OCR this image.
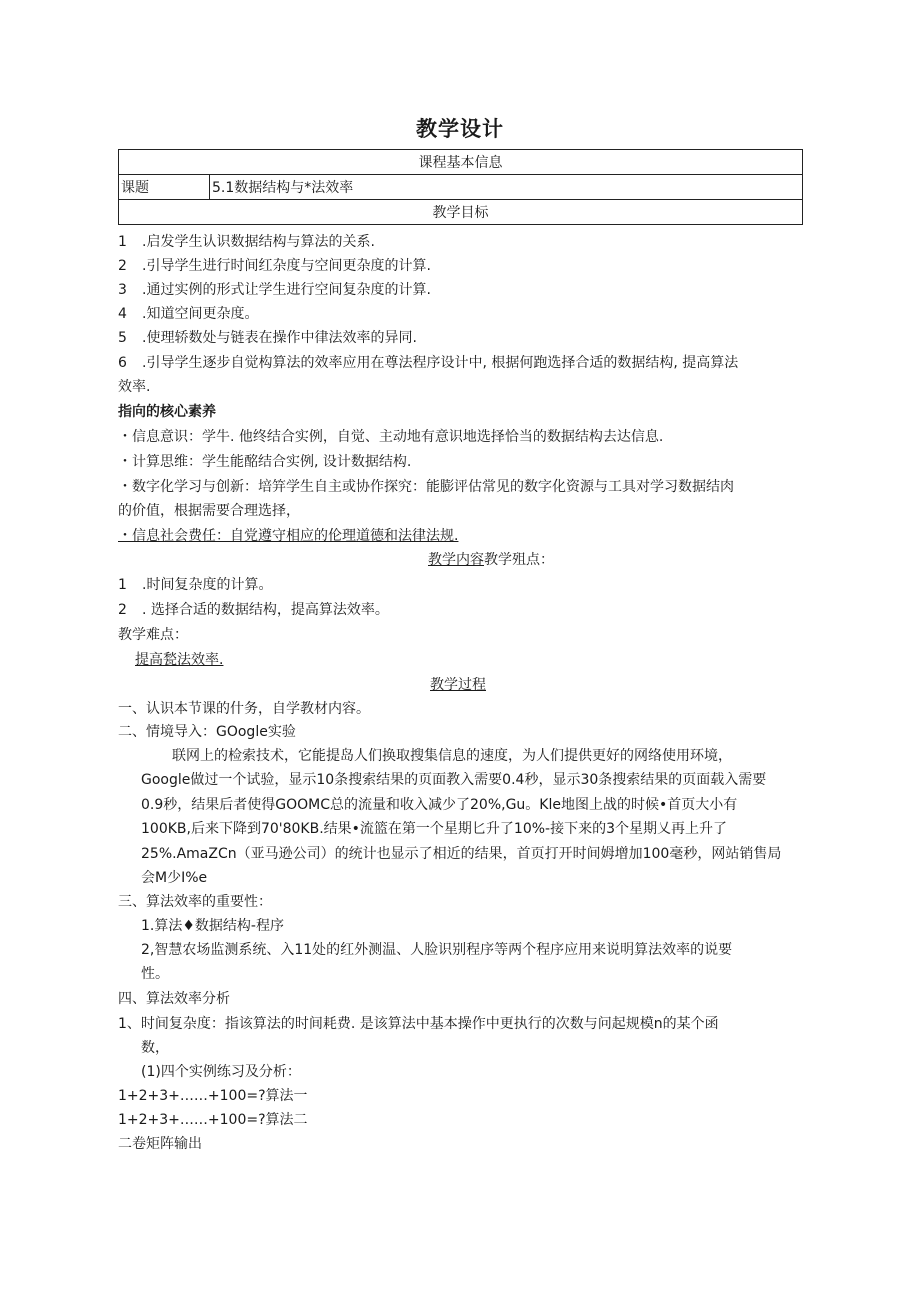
教学设计
课程基本信息
课题	5.1数据结构与*法效率
教学目标
1 .启发学生认识数据结构与算法的关系.
2 .引导学生进行时间红杂度与空间更杂度的计算.
3 .通过实例的形式让学生进行空间复杂度的计算.
4 .知道空间更杂度。
5 .使理轿数处与链表在操作中律法效率的异同.
6 .引导学生逐步自觉构算法的效率应用在尊法程序设计中, 根据何跑选择合适的数据结构, 提高算法
效率.
指向的核心素养
・信息意识：学牛. 他终结合实例，自觉、主动地有意识地选择恰当的数据结构去达信息.
・计算思维：学生能酩结合实例, 设计数据结构.
・数字化学习与创新：培笄学生自主或协作探究：能膨评估常见的数字化资源与工具对学习数据结肉
的价值，根据需要合理选择，
・信息社会费任：自党遵守相应的伦理道德和法律法规.
教学内容教学殂点：
1 .时间复杂度的计算。
2 . 选择合适的数据结构，提高算法效率。
教学难点：
提高甃法效率.
教学过程
一、认识本节课的什务，自学教材内容。
二、情境导入：GOogle实验
联网上的检索技术，它能提岛人们换取搜集信息的速度，为人们提供更好的网络使用环境，
Google做过一个试验，显示10条搜索结果的页面教入需要0.4秒，显示30条搜索结果的页面载入需要
0.9秒，结果后者使得GOOMC总的流量和收入减少了20%,Gu。Kle地图上战的时候•首页大小有
100KB,后来下降到70'80KB.结果•流篮在第一个星期匕升了10%-接下来的3个星期乂再上升了
25%.AmaZCn（亚马逊公司）的统计也显示了相近的结果，首页打开时间姆增加100毫秒，网站销售局
会M少I%e
三、算法效率的重要性：
1.算法♦数据结构-程序
2,智慧农场监测系统、入11处的红外测温、人脸识别程序等两个程序应用来说明算法效率的说要
性。
四、算法效率分析
1、时间复杂度：指该算法的时间耗费. 是该算法中基本操作中更执行的次数与问起规模n的某个函
数，
(1)四个实例练习及分析：
1+2+3+……+100=?算法一
1+2+3+……+100=?算法二
二卷矩阵输出
